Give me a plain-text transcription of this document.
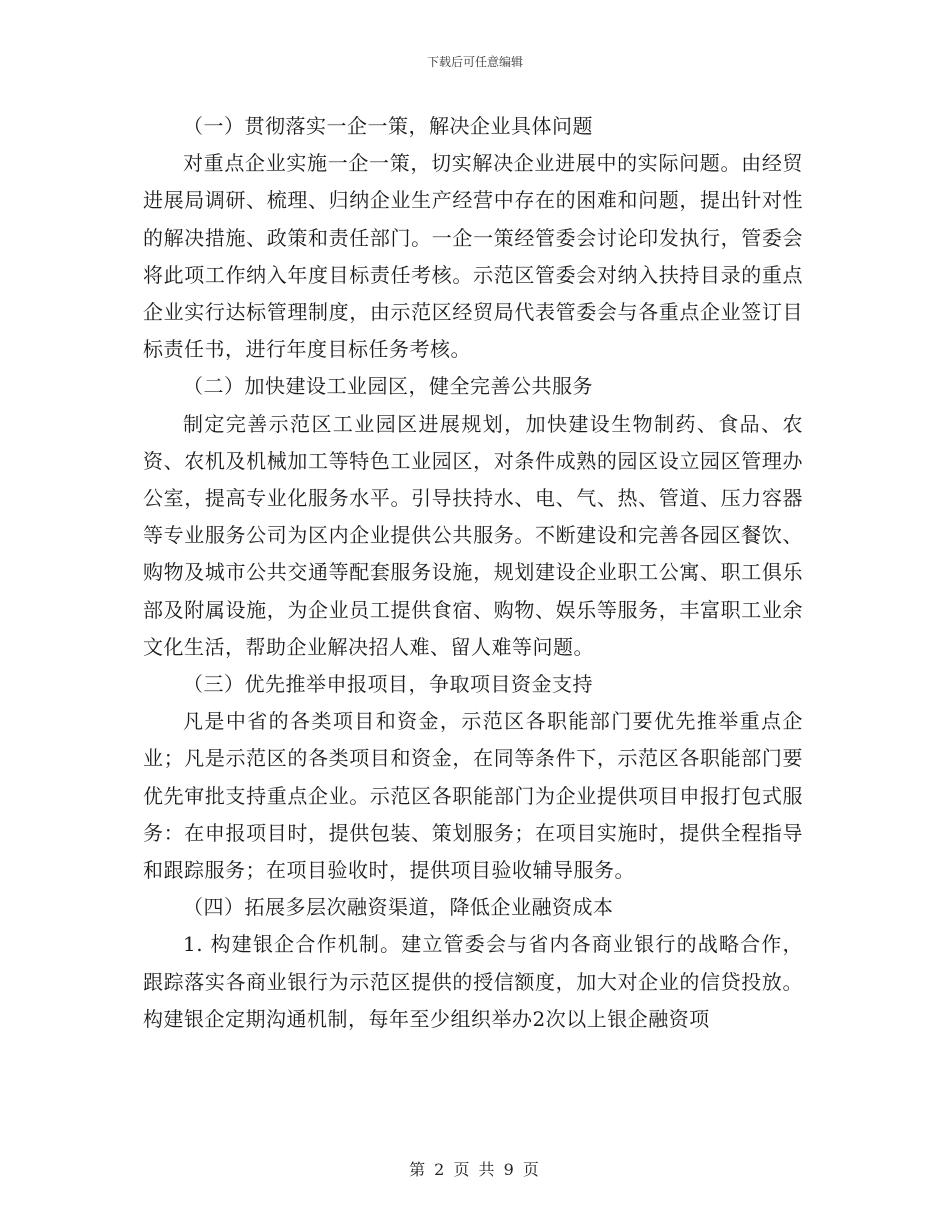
下载后可任意编辑

（一）贯彻落实一企一策，解决企业具体问题

对重点企业实施一企一策，切实解决企业进展中的实际问题。由经贸进展局调研、梳理、归纳企业生产经营中存在的困难和问题，提出针对性的解决措施、政策和责任部门。一企一策经管委会讨论印发执行，管委会将此项工作纳入年度目标责任考核。示范区管委会对纳入扶持目录的重点企业实行达标管理制度，由示范区经贸局代表管委会与各重点企业签订目标责任书，进行年度目标任务考核。

（二）加快建设工业园区，健全完善公共服务

制定完善示范区工业园区进展规划，加快建设生物制药、食品、农资、农机及机械加工等特色工业园区，对条件成熟的园区设立园区管理办公室，提高专业化服务水平。引导扶持水、电、气、热、管道、压力容器等专业服务公司为区内企业提供公共服务。不断建设和完善各园区餐饮、购物及城市公共交通等配套服务设施，规划建设企业职工公寓、职工俱乐部及附属设施，为企业员工提供食宿、购物、娱乐等服务，丰富职工业余文化生活，帮助企业解决招人难、留人难等问题。

（三）优先推举申报项目，争取项目资金支持

凡是中省的各类项目和资金，示范区各职能部门要优先推举重点企业；凡是示范区的各类项目和资金，在同等条件下，示范区各职能部门要优先审批支持重点企业。示范区各职能部门为企业提供项目申报打包式服务：在申报项目时，提供包装、策划服务；在项目实施时，提供全程指导和跟踪服务；在项目验收时，提供项目验收辅导服务。

（四）拓展多层次融资渠道，降低企业融资成本

1. 构建银企合作机制。建立管委会与省内各商业银行的战略合作，跟踪落实各商业银行为示范区提供的授信额度，加大对企业的信贷投放。构建银企定期沟通机制，每年至少组织举办2次以上银企融资项

第 2 页 共 9 页
